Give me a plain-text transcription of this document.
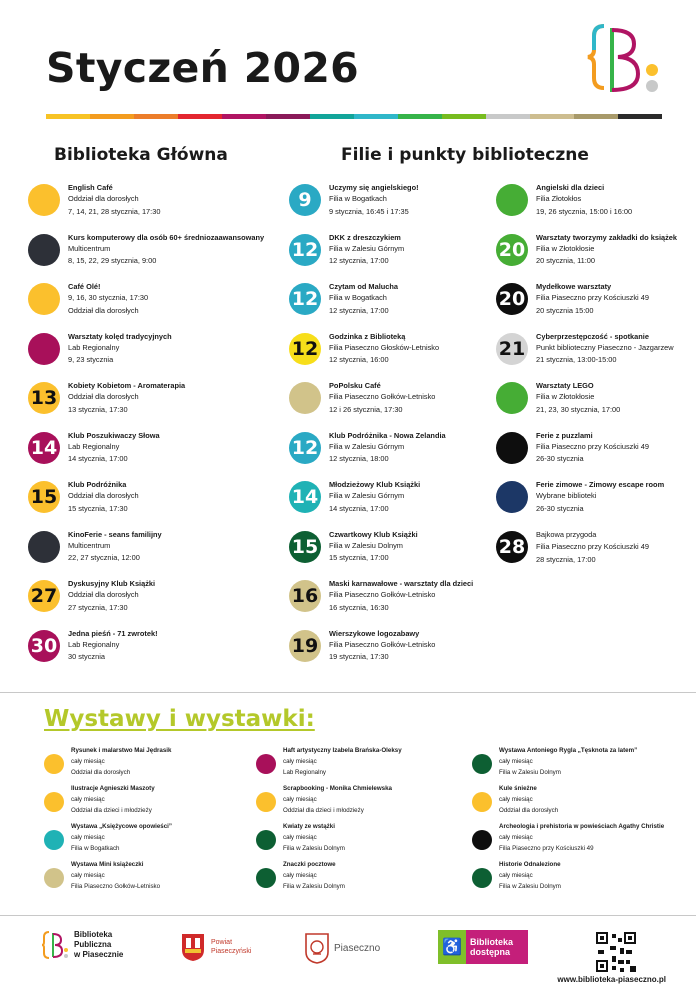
Styczeń 2026
Biblioteka Główna	Filie i punkty biblioteczne
English Café
Oddział dla dorosłych
7, 14, 21, 28 stycznia, 17:30
Kurs komputerowy dla osób 60+ średniozaawansowany
Multicentrum
8, 15, 22, 29 stycznia, 9:00
Café Olé!
9, 16, 30 stycznia, 17:30
Oddział dla dorosłych
Warsztaty kolęd tradycyjnych
Lab Regionalny
9, 23 stycznia
13
Kobiety Kobietom - Aromaterapia
Oddział dla dorosłych
13 stycznia, 17:30
14
Klub Poszukiwaczy Słowa
Lab Regionalny
14 stycznia, 17:00
15
Klub Podróżnika
Oddział dla dorosłych
15 stycznia, 17:30
KinoFerie - seans familijny
Multicentrum
22, 27 stycznia, 12:00
27
Dyskusyjny Klub Książki
Oddział dla dorosłych
27 stycznia, 17:30
30
Jedna pieśń - 71 zwrotek!
Lab Regionalny
30 stycznia
9
Uczymy się angielskiego!
Filia w Bogatkach
9 stycznia, 16:45 i 17:35
12
DKK z dreszczykiem
Filia w Zalesiu Górnym
12 stycznia, 17:00
12
Czytam od Malucha
Filia w Bogatkach
12 stycznia, 17:00
12
Godzinka z Biblioteką
Filia Piaseczno Głosków-Letnisko
12 stycznia, 16:00
PoPolsku Café
Filia Piaseczno Gołków-Letnisko
12 i 26 stycznia, 17:30
12
Klub Podróżnika - Nowa Zelandia
Filia w Zalesiu Górnym
12 stycznia, 18:00
14
Młodzieżowy Klub Książki
Filia w Zalesiu Górnym
14 stycznia, 17:00
15
Czwartkowy Klub Książki
Filia w Zalesiu Dolnym
15 stycznia, 17:00
16
Maski karnawałowe - warsztaty dla dzieci
Filia Piaseczno Gołków-Letnisko
16 stycznia, 16:30
19
Wierszykowe logozabawy
Filia Piaseczno Gołków-Letnisko
19 stycznia, 17:30
Angielski dla dzieci
Filia Złotokłos
19, 26 stycznia, 15:00 i 16:00
20
Warsztaty tworzymy zakładki do książek
Filia w Złotokłosie
20 stycznia, 11:00
20
Mydełkowe warsztaty
Filia Piaseczno przy Kościuszki 49
20 stycznia 15:00
21
Cyberprzestępczość - spotkanie
Punkt biblioteczny Piaseczno - Jazgarzew
21 stycznia, 13:00-15:00
Warsztaty LEGO
Filia w Złotokłosie
21, 23, 30 stycznia, 17:00
Ferie z puzzlami
Filia Piaseczno przy Kościuszki 49
26-30 stycznia
Ferie zimowe - Zimowy escape room
Wybrane biblioteki
26-30 stycznia
28
Bajkowa przygoda
Filia Piaseczno przy Kościuszki 49
28 stycznia, 17:00
Wystawy i wystawki:
Rysunek i malarstwo Mai Jędrasik
cały miesiąc
Oddział dla dorosłych
Ilustracje Agnieszki Maszoty
cały miesiąc
Oddział dla dzieci i młodzieży
Wystawa „Księżycowe opowieści”
cały miesiąc
Filia w Bogatkach
Wystawa Mini książeczki
cały miesiąc
Filia Piaseczno Gołków-Letnisko
Haft artystyczny Izabela Brańska-Oleksy
cały miesiąc
Lab Regionalny
Scrapbooking - Monika Chmielewska
cały miesiąc
Oddział dla dzieci i młodzieży
Kwiaty ze wstążki
cały miesiąc
Filia w Zalesiu Dolnym
Znaczki pocztowe
cały miesiąc
Filia w Zalesiu Dolnym
Wystawa Antoniego Rygla „Tęsknota za latem”
cały miesiąc
Filia w Zalesiu Dolnym
Kule śnieżne
cały miesiąc
Oddział dla dorosłych
Archeologia i prehistoria w powieściach Agathy Christie
cały miesiąc
Filia Piaseczno przy Kościuszki 49
Historie Odnalezione
cały miesiąc
Filia w Zalesiu Dolnym
Biblioteka
Publiczna
w Piasecznie
Powiat
Piaseczyński	Piaseczno	♿ Biblioteka
dostępna
www.biblioteka-piaseczno.pl
